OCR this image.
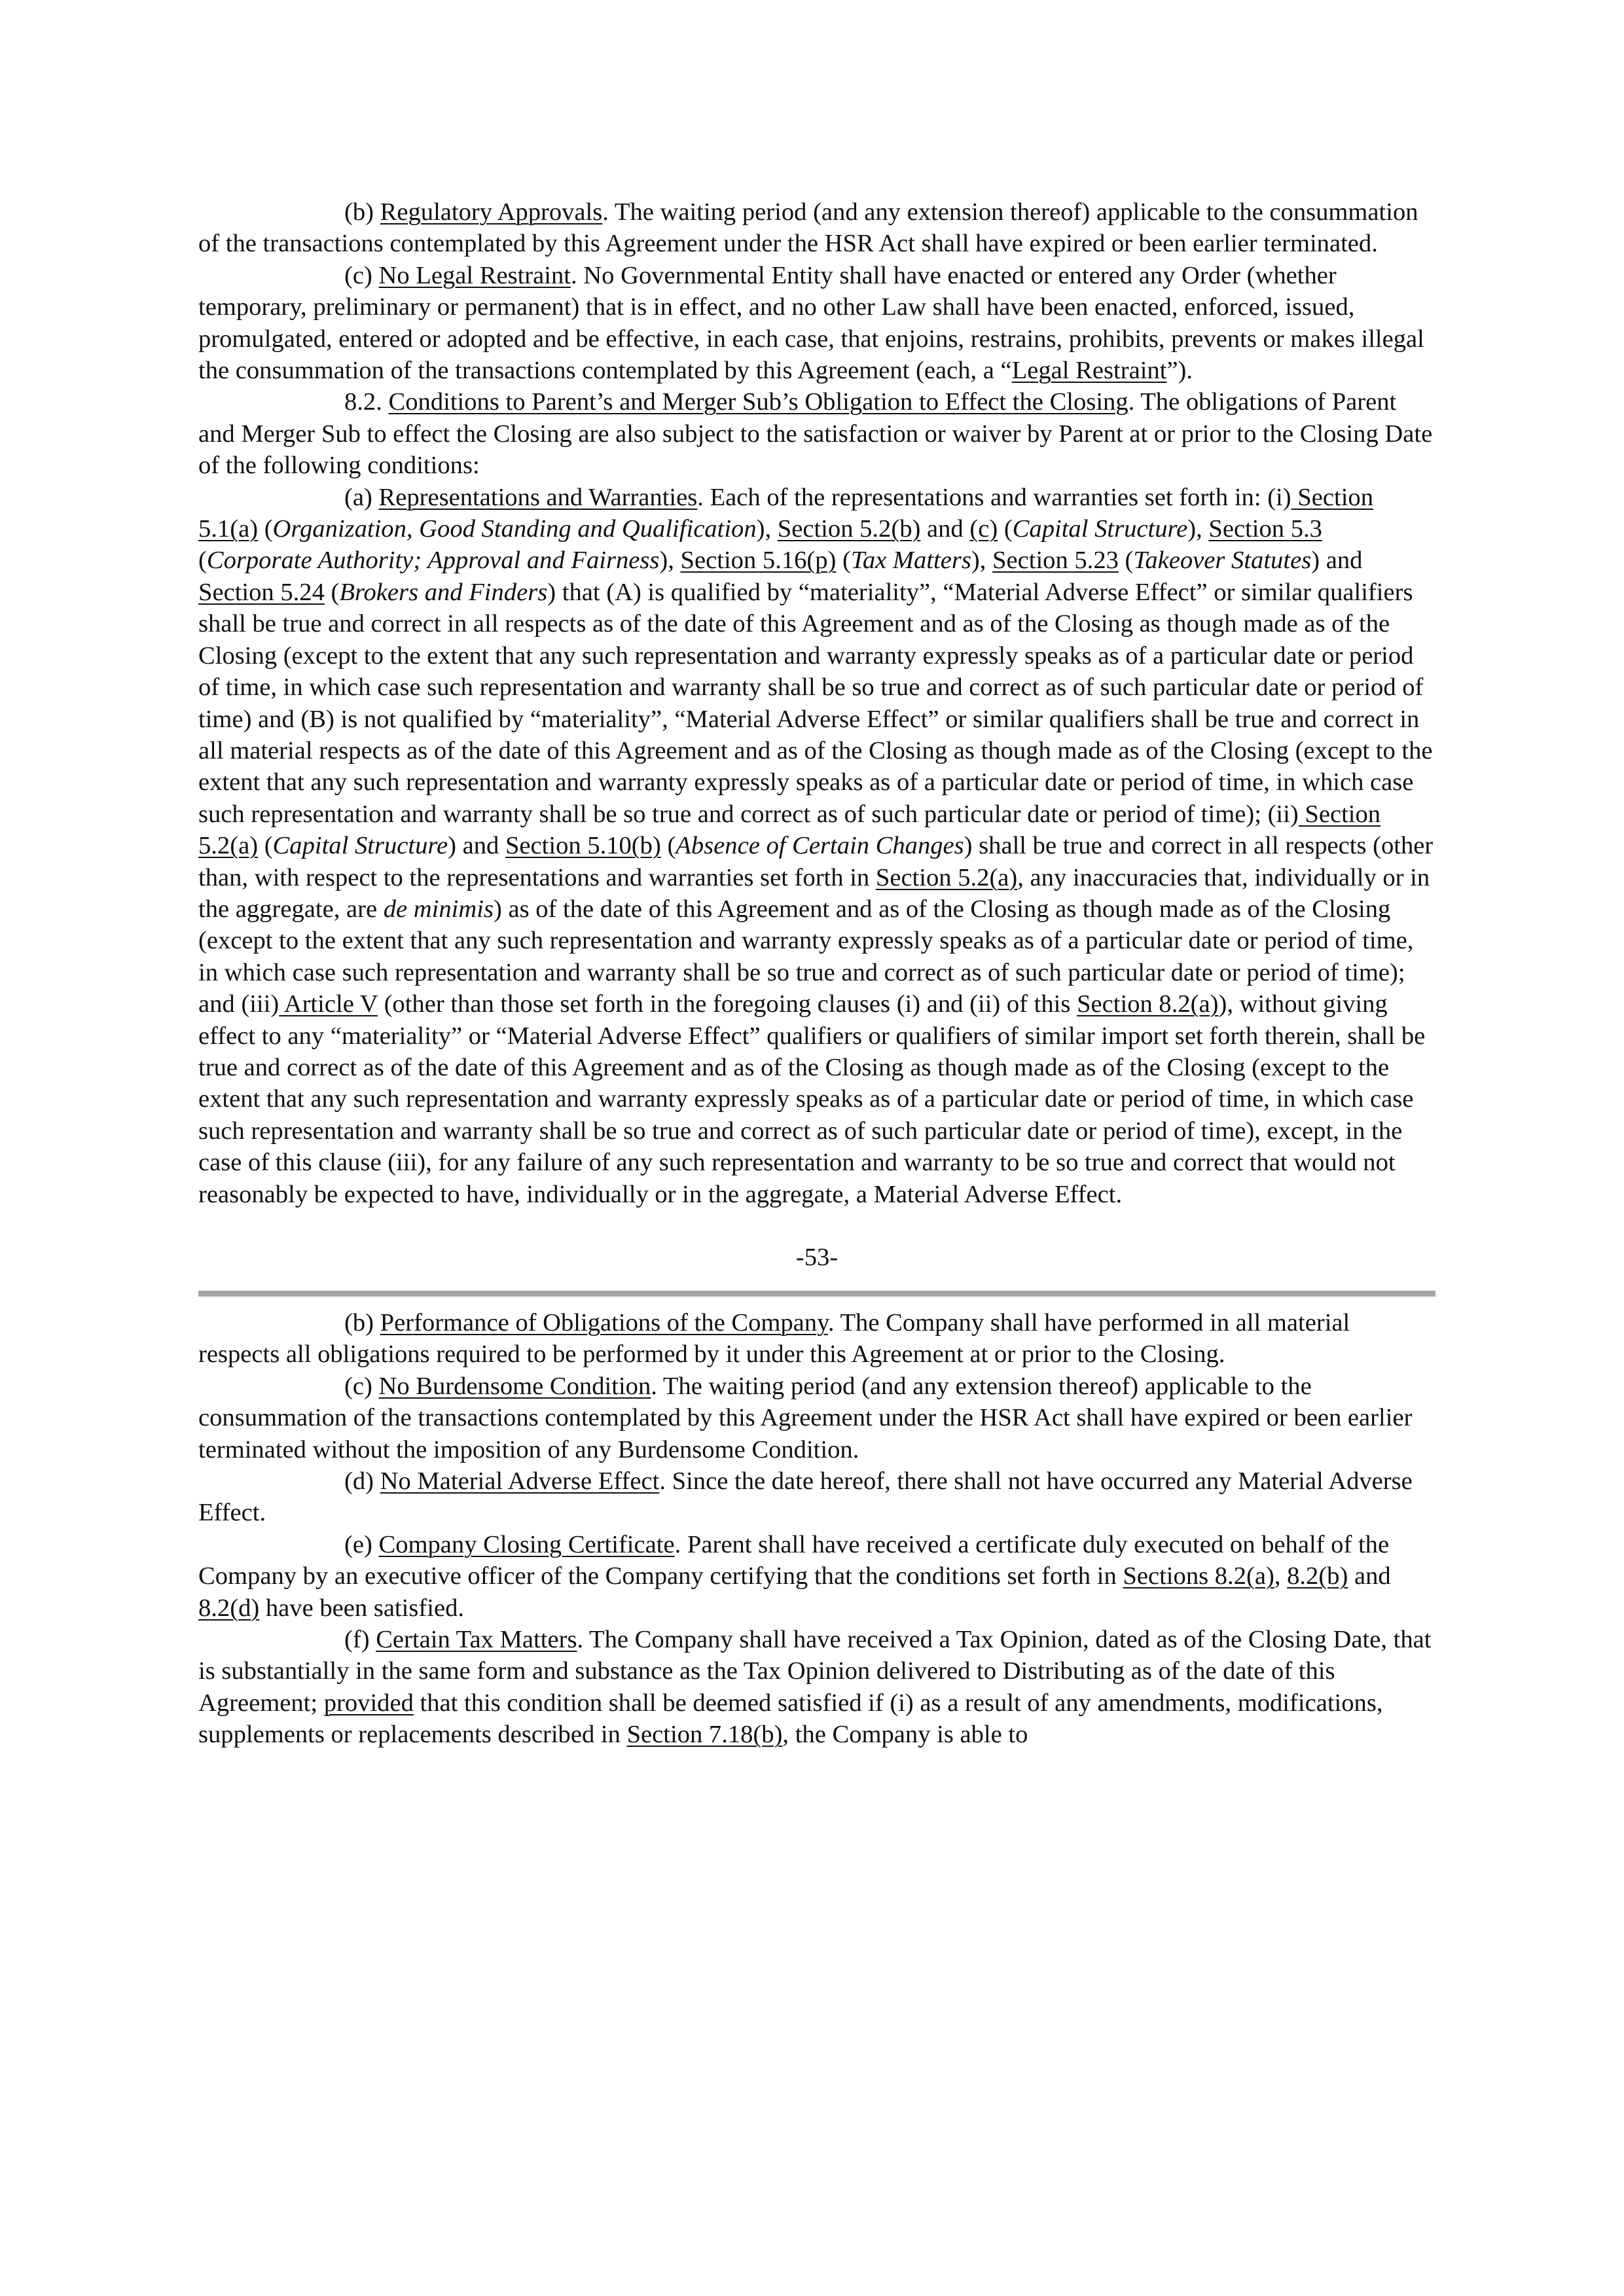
(b) Regulatory Approvals. The waiting period (and any extension thereof) applicable to the consummation of the transactions contemplated by this Agreement under the HSR Act shall have expired or been earlier terminated.

(c) No Legal Restraint. No Governmental Entity shall have enacted or entered any Order (whether temporary, preliminary or permanent) that is in effect, and no other Law shall have been enacted, enforced, issued, promulgated, entered or adopted and be effective, in each case, that enjoins, restrains, prohibits, prevents or makes illegal the consummation of the transactions contemplated by this Agreement (each, a “Legal Restraint”).

8.2. Conditions to Parent’s and Merger Sub’s Obligation to Effect the Closing. The obligations of Parent and Merger Sub to effect the Closing are also subject to the satisfaction or waiver by Parent at or prior to the Closing Date of the following conditions:

(a) Representations and Warranties. Each of the representations and warranties set forth in: (i) Section 5.1(a) (Organization, Good Standing and Qualification), Section 5.2(b) and (c) (Capital Structure), Section 5.3 (Corporate Authority; Approval and Fairness), Section 5.16(p) (Tax Matters), Section 5.23 (Takeover Statutes) and Section 5.24 (Brokers and Finders) that (A) is qualified by “materiality”, “Material Adverse Effect” or similar qualifiers shall be true and correct in all respects as of the date of this Agreement and as of the Closing as though made as of the Closing (except to the extent that any such representation and warranty expressly speaks as of a particular date or period of time, in which case such representation and warranty shall be so true and correct as of such particular date or period of time) and (B) is not qualified by “materiality”, “Material Adverse Effect” or similar qualifiers shall be true and correct in all material respects as of the date of this Agreement and as of the Closing as though made as of the Closing (except to the extent that any such representation and warranty expressly speaks as of a particular date or period of time, in which case such representation and warranty shall be so true and correct as of such particular date or period of time); (ii) Section 5.2(a) (Capital Structure) and Section 5.10(b) (Absence of Certain Changes) shall be true and correct in all respects (other than, with respect to the representations and warranties set forth in Section 5.2(a), any inaccuracies that, individually or in the aggregate, are de minimis) as of the date of this Agreement and as of the Closing as though made as of the Closing (except to the extent that any such representation and warranty expressly speaks as of a particular date or period of time, in which case such representation and warranty shall be so true and correct as of such particular date or period of time); and (iii) Article V (other than those set forth in the foregoing clauses (i) and (ii) of this Section 8.2(a)), without giving effect to any “materiality” or “Material Adverse Effect” qualifiers or qualifiers of similar import set forth therein, shall be true and correct as of the date of this Agreement and as of the Closing as though made as of the Closing (except to the extent that any such representation and warranty expressly speaks as of a particular date or period of time, in which case such representation and warranty shall be so true and correct as of such particular date or period of time), except, in the case of this clause (iii), for any failure of any such representation and warranty to be so true and correct that would not reasonably be expected to have, individually or in the aggregate, a Material Adverse Effect.

-53-

(b) Performance of Obligations of the Company. The Company shall have performed in all material respects all obligations required to be performed by it under this Agreement at or prior to the Closing.

(c) No Burdensome Condition. The waiting period (and any extension thereof) applicable to the consummation of the transactions contemplated by this Agreement under the HSR Act shall have expired or been earlier terminated without the imposition of any Burdensome Condition.

(d) No Material Adverse Effect. Since the date hereof, there shall not have occurred any Material Adverse Effect.

(e) Company Closing Certificate. Parent shall have received a certificate duly executed on behalf of the Company by an executive officer of the Company certifying that the conditions set forth in Sections 8.2(a), 8.2(b) and 8.2(d) have been satisfied.

(f) Certain Tax Matters. The Company shall have received a Tax Opinion, dated as of the Closing Date, that is substantially in the same form and substance as the Tax Opinion delivered to Distributing as of the date of this Agreement; provided that this condition shall be deemed satisfied if (i) as a result of any amendments, modifications, supplements or replacements described in Section 7.18(b), the Company is able to
